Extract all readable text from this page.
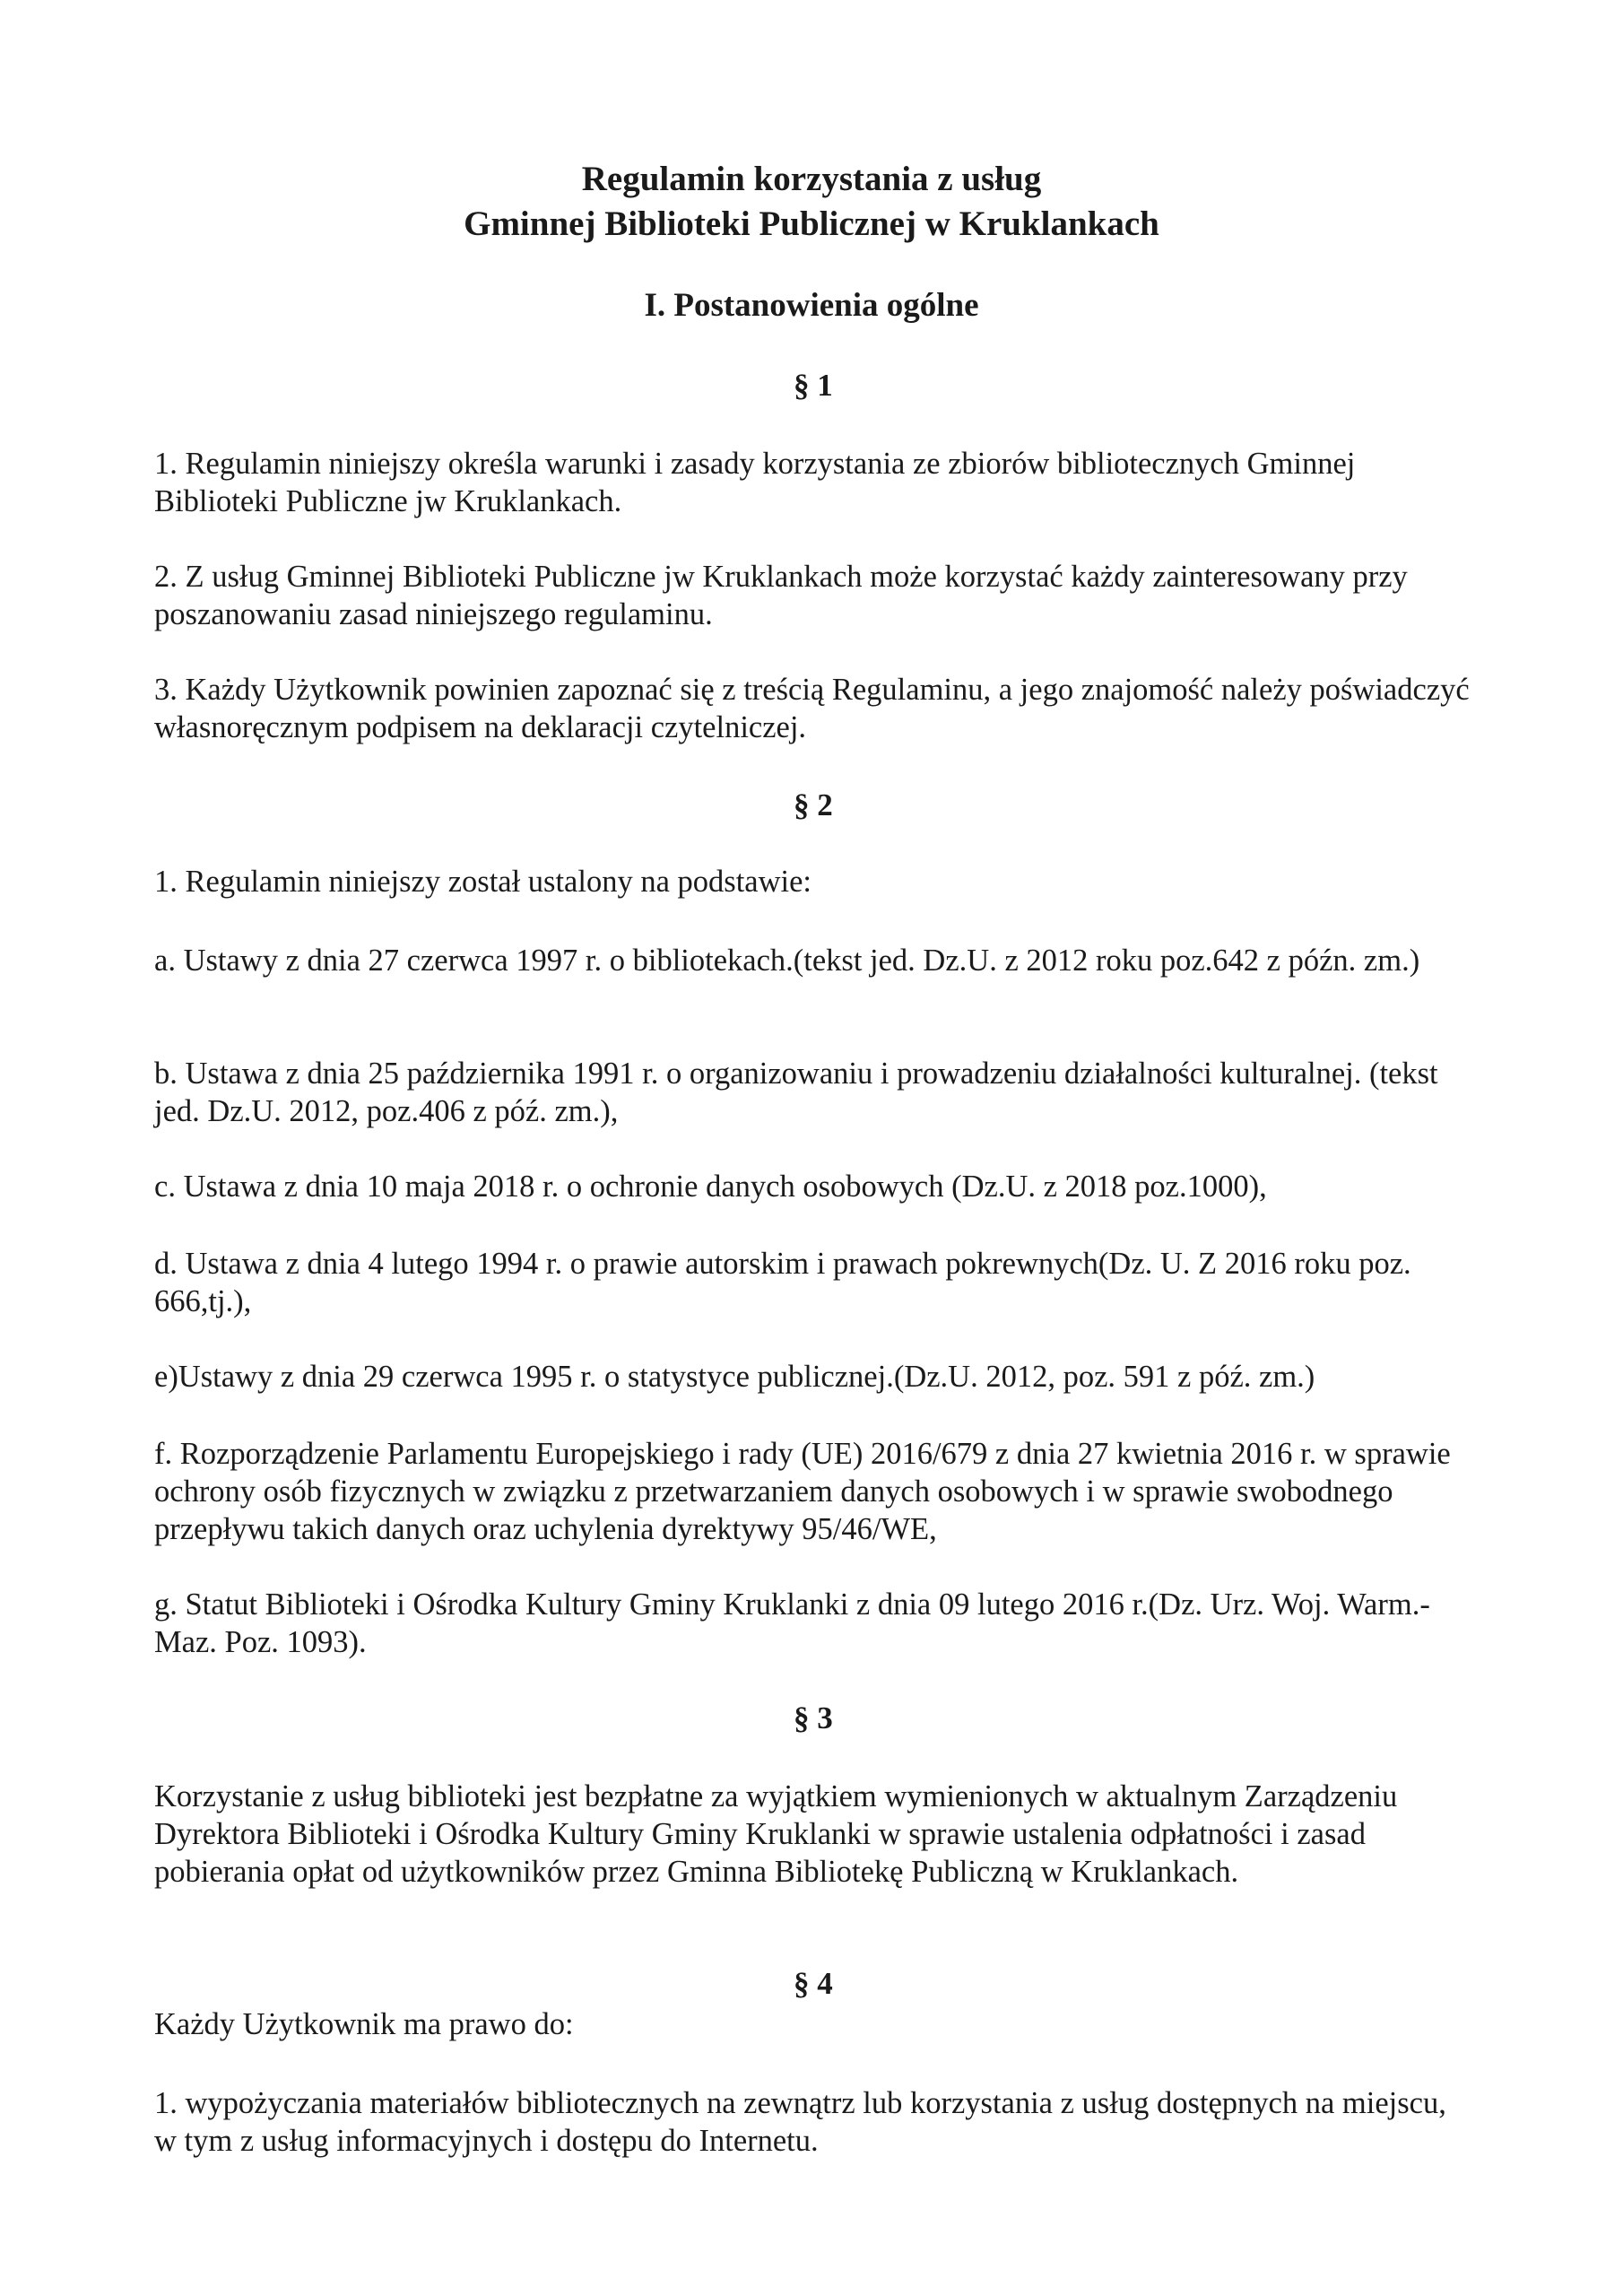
Regulamin korzystania z usług
Gminnej Biblioteki Publicznej w Kruklankach
I. Postanowienia ogólne
§ 1

1. Regulamin niniejszy określa warunki i zasady korzystania ze zbiorów bibliotecznych Gminnej Biblioteki Publiczne jw Kruklankach.

2. Z usług Gminnej Biblioteki Publiczne jw Kruklankach może korzystać każdy zainteresowany przy poszanowaniu zasad niniejszego regulaminu.

3. Każdy Użytkownik powinien zapoznać się z treścią Regulaminu, a jego znajomość należy poświadczyć własnoręcznym podpisem na deklaracji czytelniczej.

§ 2

1. Regulamin niniejszy został ustalony na podstawie:

a. Ustawy z dnia 27 czerwca 1997 r. o bibliotekach.(tekst jed. Dz.U. z 2012 roku poz.642 z późn. zm.)

b. Ustawa z dnia 25 października 1991 r. o organizowaniu i prowadzeniu działalności kulturalnej. (tekst jed. Dz.U. 2012, poz.406 z póź. zm.),

c. Ustawa z dnia 10 maja 2018 r. o ochronie danych osobowych (Dz.U. z 2018 poz.1000),

d. Ustawa z dnia 4 lutego 1994 r. o prawie autorskim i prawach pokrewnych(Dz. U. Z 2016 roku poz. 666,tj.),

e)Ustawy z dnia 29 czerwca 1995 r. o statystyce publicznej.(Dz.U. 2012, poz. 591 z póź. zm.)

f. Rozporządzenie Parlamentu Europejskiego i rady (UE) 2016/679 z dnia 27 kwietnia 2016 r. w sprawie ochrony osób fizycznych w związku z przetwarzaniem danych osobowych i w sprawie swobodnego przepływu takich danych oraz uchylenia dyrektywy 95/46/WE,

g. Statut Biblioteki i Ośrodka Kultury Gminy Kruklanki z dnia 09 lutego 2016 r.(Dz. Urz. Woj. Warm.-Maz. Poz. 1093).

§ 3

Korzystanie z usług biblioteki jest bezpłatne za wyjątkiem wymienionych w aktualnym Zarządzeniu Dyrektora Biblioteki i Ośrodka Kultury Gminy Kruklanki w sprawie ustalenia odpłatności i zasad pobierania opłat od użytkowników przez Gminna Bibliotekę Publiczną w Kruklankach.

§ 4

Każdy Użytkownik ma prawo do:

1. wypożyczania materiałów bibliotecznych na zewnątrz lub korzystania z usług dostępnych na miejscu, w tym z usług informacyjnych i dostępu do Internetu.
